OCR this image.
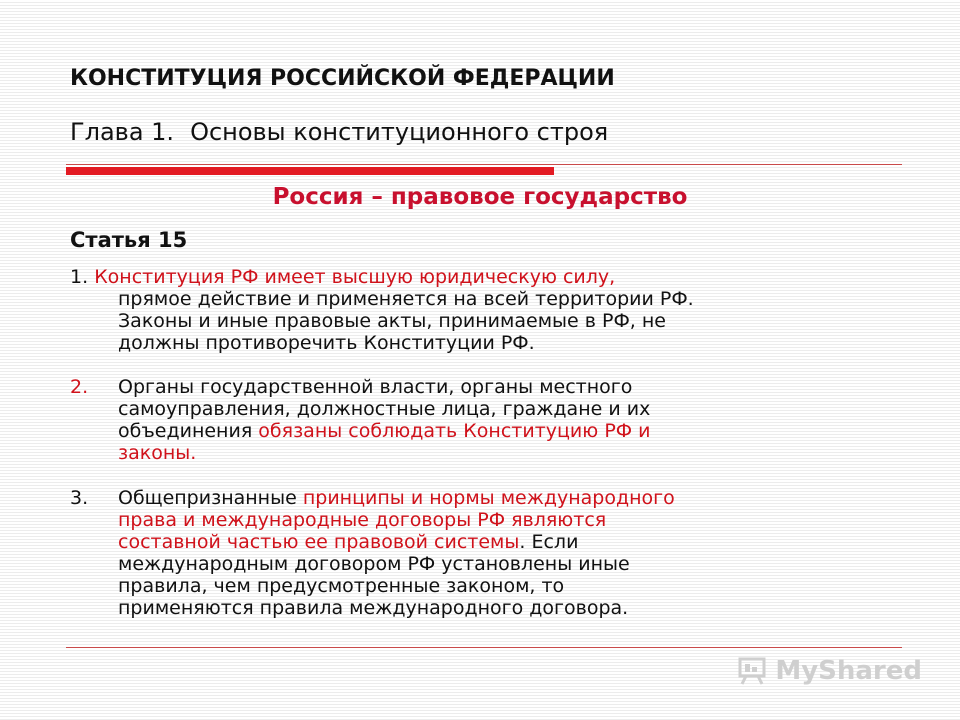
КОНСТИТУЦИЯ РОССИЙСКОЙ ФЕДЕРАЦИИ
Глава 1. Основы конституционного строя
Россия – правовое государство
Статья 15
1. Конституция РФ имеет высшую юридическую силу,
прямое действие и применяется на всей территории РФ.
Законы и иные правовые акты, принимаемые в РФ, не
должны противоречить Конституции РФ.
2.	Органы государственной власти, органы местного
самоуправления, должностные лица, граждане и их
объединения обязаны соблюдать Конституцию РФ и
законы.
3.	Общепризнанные принципы и нормы международного
права и международные договоры РФ являются
составной частью ее правовой системы. Если
международным договором РФ установлены иные
правила, чем предусмотренные законом, то
применяются правила международного договора.
MyShared
